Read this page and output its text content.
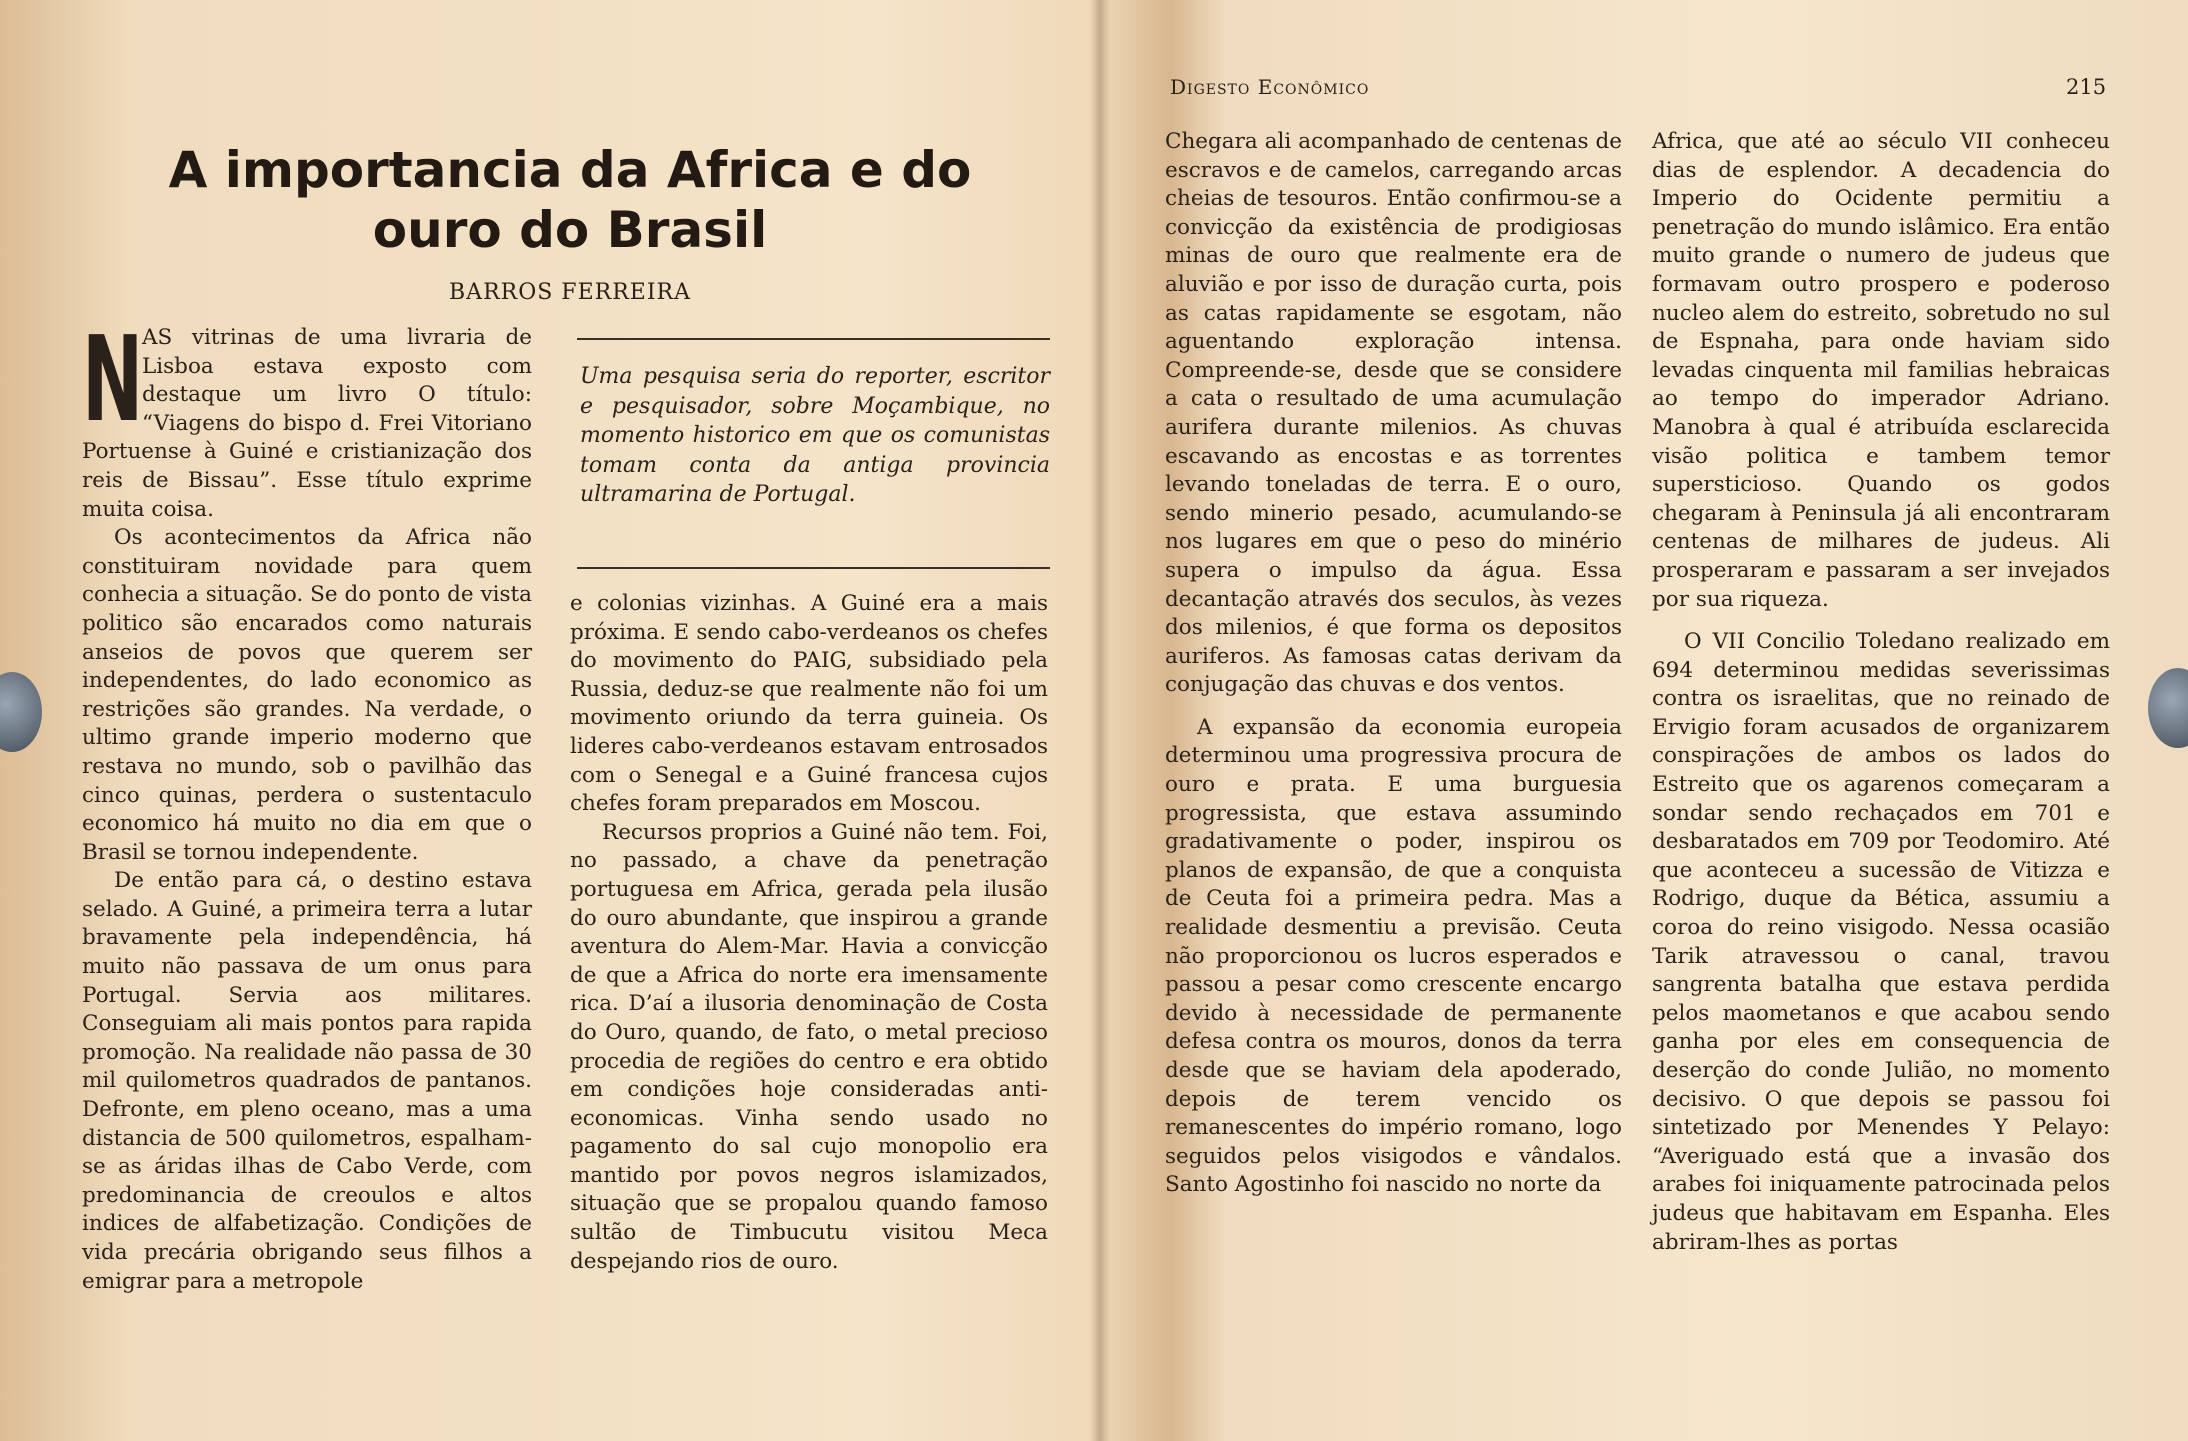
A importancia da Africa e do ouro do Brasil
BARROS FERREIRA
N

AS vitrinas de uma livraria de Lisboa estava exposto com destaque um livro O título: “Viagens do bispo d. Frei Vitoriano Portuense à Guiné e cristianização dos reis de Bissau”. Esse título exprime muita coisa.

Os acontecimentos da Africa não constituiram novidade para quem conhecia a situação. Se do ponto de vista politico são encarados como naturais anseios de povos que querem ser independentes, do lado economico as restrições são grandes. Na verdade, o ultimo grande imperio moderno que restava no mundo, sob o pavilhão das cinco quinas, perdera o sustentaculo economico há muito no dia em que o Brasil se tornou independente.

De então para cá, o destino estava selado. A Guiné, a primeira terra a lutar bravamente pela independência, há muito não passava de um onus para Portugal. Servia aos militares. Conseguiam ali mais pontos para rapida promoção. Na realidade não passa de 30 mil quilometros quadrados de pantanos. Defronte, em pleno oceano, mas a uma distancia de 500 quilometros, espalham-se as áridas ilhas de Cabo Verde, com predominancia de creoulos e altos indices de alfabetização. Condições de vida precária obrigando seus filhos a emigrar para a metropole

Uma pesquisa seria do reporter, escritor e pesquisador, sobre Moçambique, no momento historico em que os comunistas tomam conta da antiga provincia ultramarina de Portugal.

e colonias vizinhas. A Guiné era a mais próxima. E sendo cabo-verdeanos os chefes do movimento do PAIG, subsidiado pela Russia, deduz-se que realmente não foi um movimento oriundo da terra guineia. Os lideres cabo-verdeanos estavam entrosados com o Senegal e a Guiné francesa cujos chefes foram preparados em Moscou.

Recursos proprios a Guiné não tem. Foi, no passado, a chave da penetração portuguesa em Africa, gerada pela ilusão do ouro abundante, que inspirou a grande aventura do Alem-Mar. Havia a convicção de que a Africa do norte era imensamente rica. D’aí a ilusoria denominação de Costa do Ouro, quando, de fato, o metal precioso procedia de regiões do centro e era obtido em condições hoje consideradas anti-economicas. Vinha sendo usado no pagamento do sal cujo monopolio era mantido por povos negros islamizados, situação que se propalou quando famoso sultão de Timbucutu visitou Meca despejando rios de ouro.

Digesto Econômico	215

Chegara ali acompanhado de centenas de escravos e de camelos, carregando arcas cheias de tesouros. Então confirmou-se a convicção da existência de prodigiosas minas de ouro que realmente era de aluvião e por isso de duração curta, pois as catas rapidamente se esgotam, não aguentando exploração intensa. Compreende-se, desde que se considere a cata o resultado de uma acumulação aurifera durante milenios. As chuvas escavando as encostas e as torrentes levando toneladas de terra. E o ouro, sendo minerio pesado, acumulando-se nos lugares em que o peso do minério supera o impulso da água. Essa decantação através dos seculos, às vezes dos milenios, é que forma os depositos auriferos. As famosas catas derivam da conjugação das chuvas e dos ventos.

A expansão da economia europeia determinou uma progressiva procura de ouro e prata. E uma burguesia progressista, que estava assumindo gradativamente o poder, inspirou os planos de expansão, de que a conquista de Ceuta foi a primeira pedra. Mas a realidade desmentiu a previsão. Ceuta não proporcionou os lucros esperados e passou a pesar como crescente encargo devido à necessidade de permanente defesa contra os mouros, donos da terra desde que se haviam dela apoderado, depois de terem vencido os remanescentes do império romano, logo seguidos pelos visigodos e vândalos. Santo Agostinho foi nascido no norte da

Africa, que até ao século VII conheceu dias de esplendor. A decadencia do Imperio do Ocidente permitiu a penetração do mundo islâmico. Era então muito grande o numero de judeus que formavam outro prospero e poderoso nucleo alem do estreito, sobretudo no sul de Espnaha, para onde haviam sido levadas cinquenta mil familias hebraicas ao tempo do imperador Adriano. Manobra à qual é atribuída esclarecida visão politica e tambem temor supersticioso. Quando os godos chegaram à Peninsula já ali encontraram centenas de milhares de judeus. Ali prosperaram e passaram a ser invejados por sua riqueza.

O VII Concilio Toledano realizado em 694 determinou medidas severissimas contra os israelitas, que no reinado de Ervigio foram acusados de organizarem conspirações de ambos os lados do Estreito que os agarenos começaram a sondar sendo rechaçados em 701 e desbaratados em 709 por Teodomiro. Até que aconteceu a sucessão de Vitizza e Rodrigo, duque da Bética, assumiu a coroa do reino visigodo. Nessa ocasião Tarik atravessou o canal, travou sangrenta batalha que estava perdida pelos maometanos e que acabou sendo ganha por eles em consequencia de deserção do conde Julião, no momento decisivo. O que depois se passou foi sintetizado por Menendes Y Pelayo: “Averiguado está que a invasão dos arabes foi iniquamente patrocinada pelos judeus que habitavam em Espanha. Eles abriram-lhes as portas
